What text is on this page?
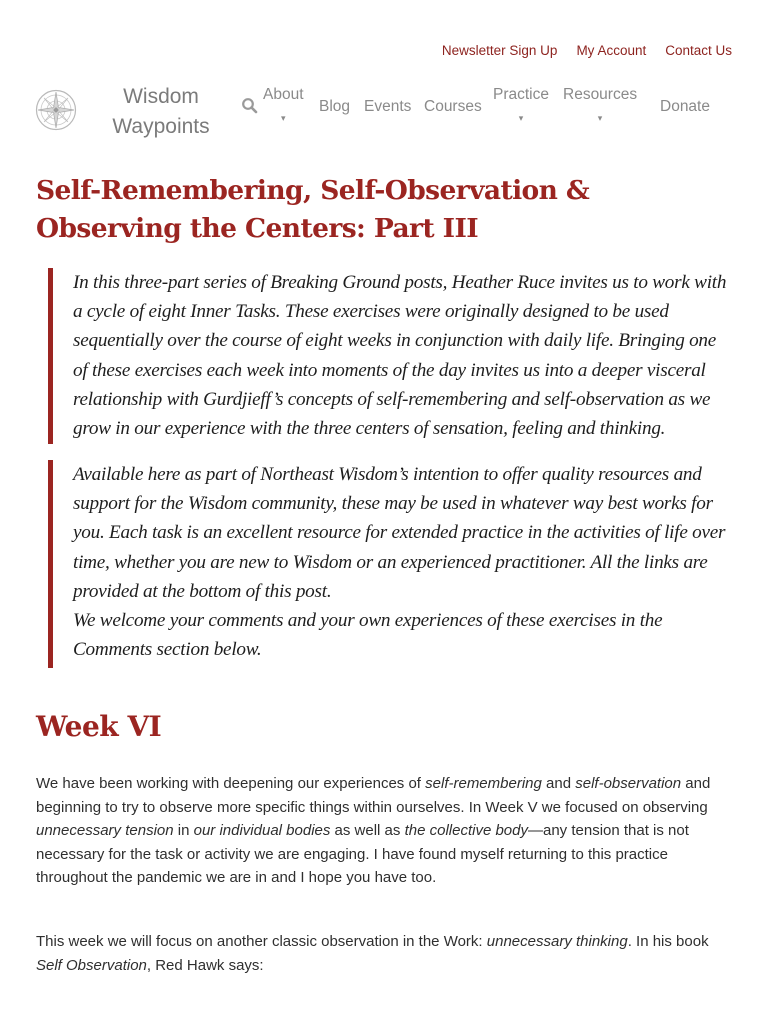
Newsletter Sign Up My Account Contact Us
Wisdom
Waypoints
About
▾
Blog Events Courses
Practice
▾
Resources
▾
Donate
Self-Remembering, Self-Observation & Observing the Centers: Part III

In this three-part series of Breaking Ground posts, Heather Ruce invites us to work with a cycle of eight Inner Tasks. These exercises were originally designed to be used sequentially over the course of eight weeks in conjunction with daily life. Bringing one of these exercises each week into moments of the day invites us into a deeper visceral relationship with Gurdjieff’s concepts of self-remembering and self-observation as we grow in our experience with the three centers of sensation, feeling and thinking.

Available here as part of Northeast Wisdom’s intention to offer quality resources and support for the Wisdom community, these may be used in whatever way best works for you. Each task is an excellent resource for extended practice in the activities of life over time, whether you are new to Wisdom or an experienced practitioner. All the links are provided at the bottom of this post.

We welcome your comments and your own experiences of these exercises in the Comments section below.

Week VI

We have been working with deepening our experiences of self-remembering and self-observation and beginning to try to observe more specific things within ourselves. In Week V we focused on observing unnecessary tension in our individual bodies as well as the collective body—any tension that is not necessary for the task or activity we are engaging. I have found myself returning to this practice throughout the pandemic we are in and I hope you have too.

This week we will focus on another classic observation in the Work: unnecessary thinking. In his book Self Observation, Red Hawk says:
